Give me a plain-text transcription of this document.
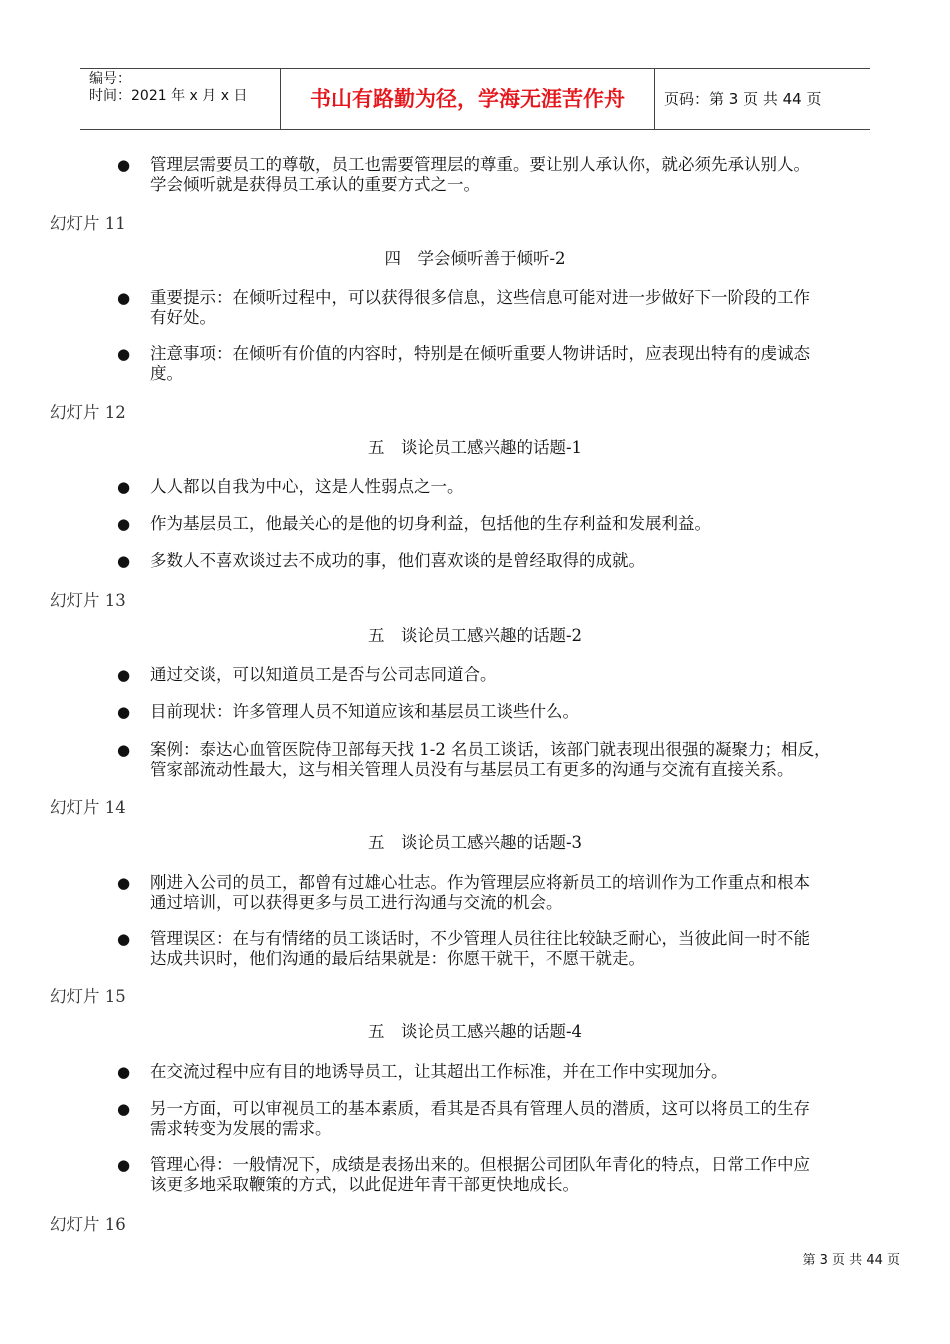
编号：
时间：2021 年 x 月 x 日	书山有路勤为径，学海无涯苦作舟	页码：第 3 页 共 44 页
● 管理层需要员工的尊敬，员工也需要管理层的尊重。要让别人承认你，就必须先承认别人。
学会倾听就是获得员工承认的重要方式之一。
幻灯片 11
四　学会倾听善于倾听-2
● 重要提示：在倾听过程中，可以获得很多信息，这些信息可能对进一步做好下一阶段的工作
有好处。
● 注意事项：在倾听有价值的内容时，特别是在倾听重要人物讲话时，应表现出特有的虔诚态
度。
幻灯片 12
五　谈论员工感兴趣的话题-1
● 人人都以自我为中心，这是人性弱点之一。
● 作为基层员工，他最关心的是他的切身利益，包括他的生存利益和发展利益。
● 多数人不喜欢谈过去不成功的事，他们喜欢谈的是曾经取得的成就。
幻灯片 13
五　谈论员工感兴趣的话题-2
● 通过交谈，可以知道员工是否与公司志同道合。
● 目前现状：许多管理人员不知道应该和基层员工谈些什么。
● 案例：泰达心血管医院侍卫部每天找 1-2 名员工谈话，该部门就表现出很强的凝聚力；相反，
管家部流动性最大，这与相关管理人员没有与基层员工有更多的沟通与交流有直接关系。
幻灯片 14
五　谈论员工感兴趣的话题-3
● 刚进入公司的员工，都曾有过雄心壮志。作为管理层应将新员工的培训作为工作重点和根本
通过培训，可以获得更多与员工进行沟通与交流的机会。
● 管理误区：在与有情绪的员工谈话时，不少管理人员往往比较缺乏耐心，当彼此间一时不能
达成共识时，他们沟通的最后结果就是：你愿干就干，不愿干就走。
幻灯片 15
五　谈论员工感兴趣的话题-4
● 在交流过程中应有目的地诱导员工，让其超出工作标准，并在工作中实现加分。
● 另一方面，可以审视员工的基本素质，看其是否具有管理人员的潜质，这可以将员工的生存
需求转变为发展的需求。
● 管理心得：一般情况下，成绩是表扬出来的。但根据公司团队年青化的特点，日常工作中应
该更多地采取鞭策的方式，以此促进年青干部更快地成长。
幻灯片 16
第 3 页 共 44 页
